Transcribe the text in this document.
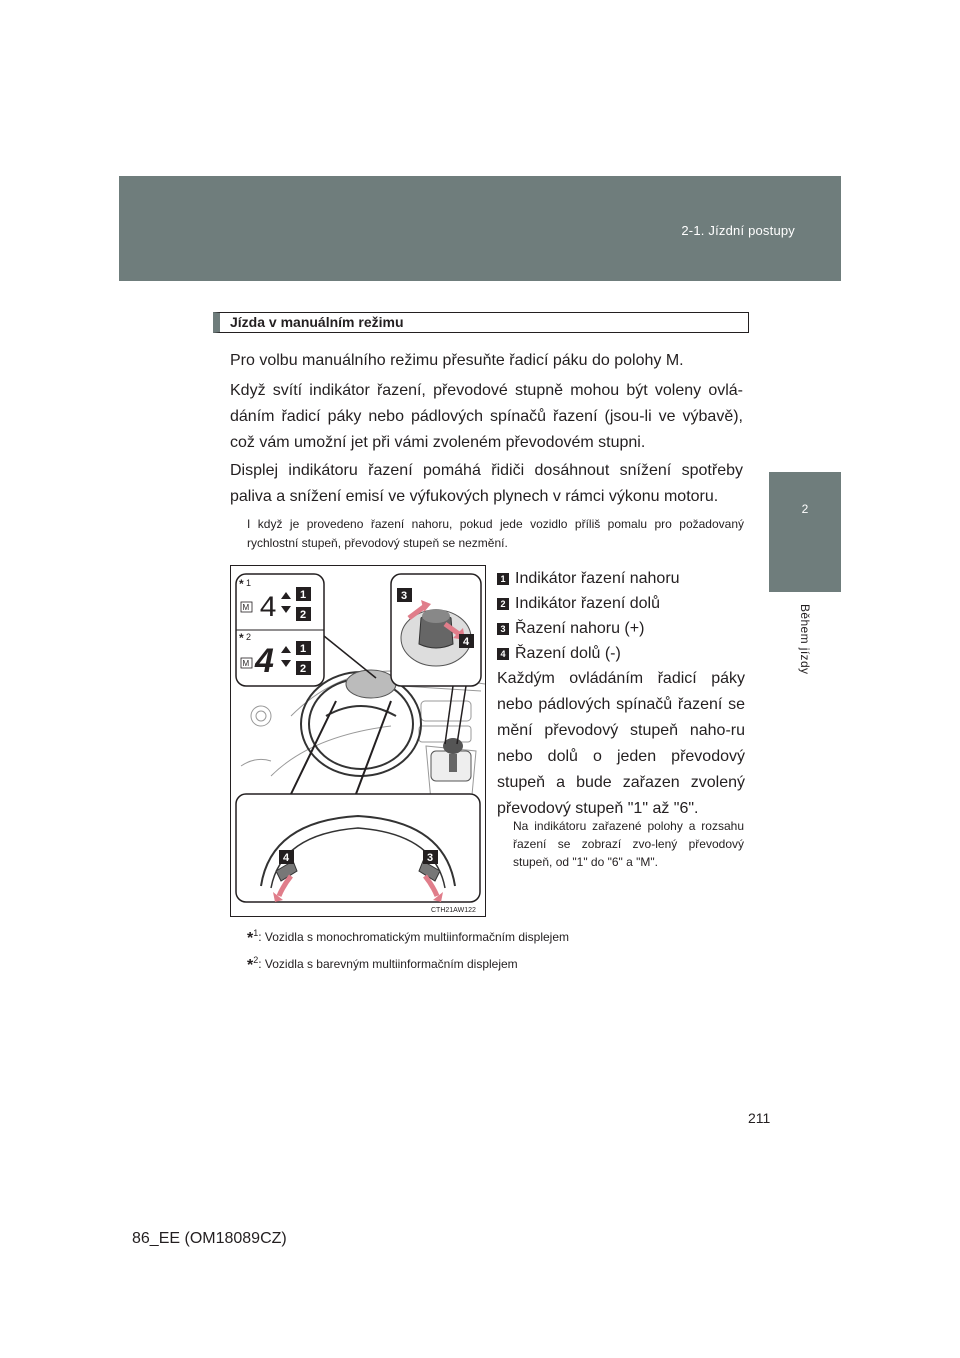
2-1. Jízdní postupy
2
Během jízdy
Jízda v manuálním režimu

Pro volbu manuálního režimu přesuňte řadicí páku do polohy M.

Když svítí indikátor řazení, převodové stupně mohou být voleny ovlá-dáním řadicí páky nebo pádlových spínačů řazení (jsou-li ve výbavě), což vám umožní jet při vámi zvoleném převodovém stupni.

Displej indikátoru řazení pomáhá řidiči dosáhnout snížení spotřeby paliva a snížení emisí ve výfukových plynech v rámci výkonu motoru.

I když je provedeno řazení nahoru, pokud jede vozidlo příliš pomalu pro požadovaný rychlostní stupeň, převodový stupeň se nezmění.

* 1
M 4 1
2
* 2
M 4 1
2
3
4
4	3
CTH21AW122
1 Indikátor řazení nahoru
2 Indikátor řazení dolů
3 Řazení nahoru (+)
4 Řazení dolů (-)

Každým ovládáním řadicí páky nebo pádlových spínačů řazení se mění převodový stupeň naho-ru nebo dolů o jeden převodový stupeň a bude zařazen zvolený převodový stupeň "1" až "6".

Na indikátoru zařazené polohy a rozsahu řazení se zobrazí zvo-lený převodový stupeň, od "1" do "6" a "M".

*$^1$: Vozidla s monochromatickým multiinformačním displejem

*$^2$: Vozidla s barevným multiinformačním displejem

211
86_EE (OM18089CZ)
